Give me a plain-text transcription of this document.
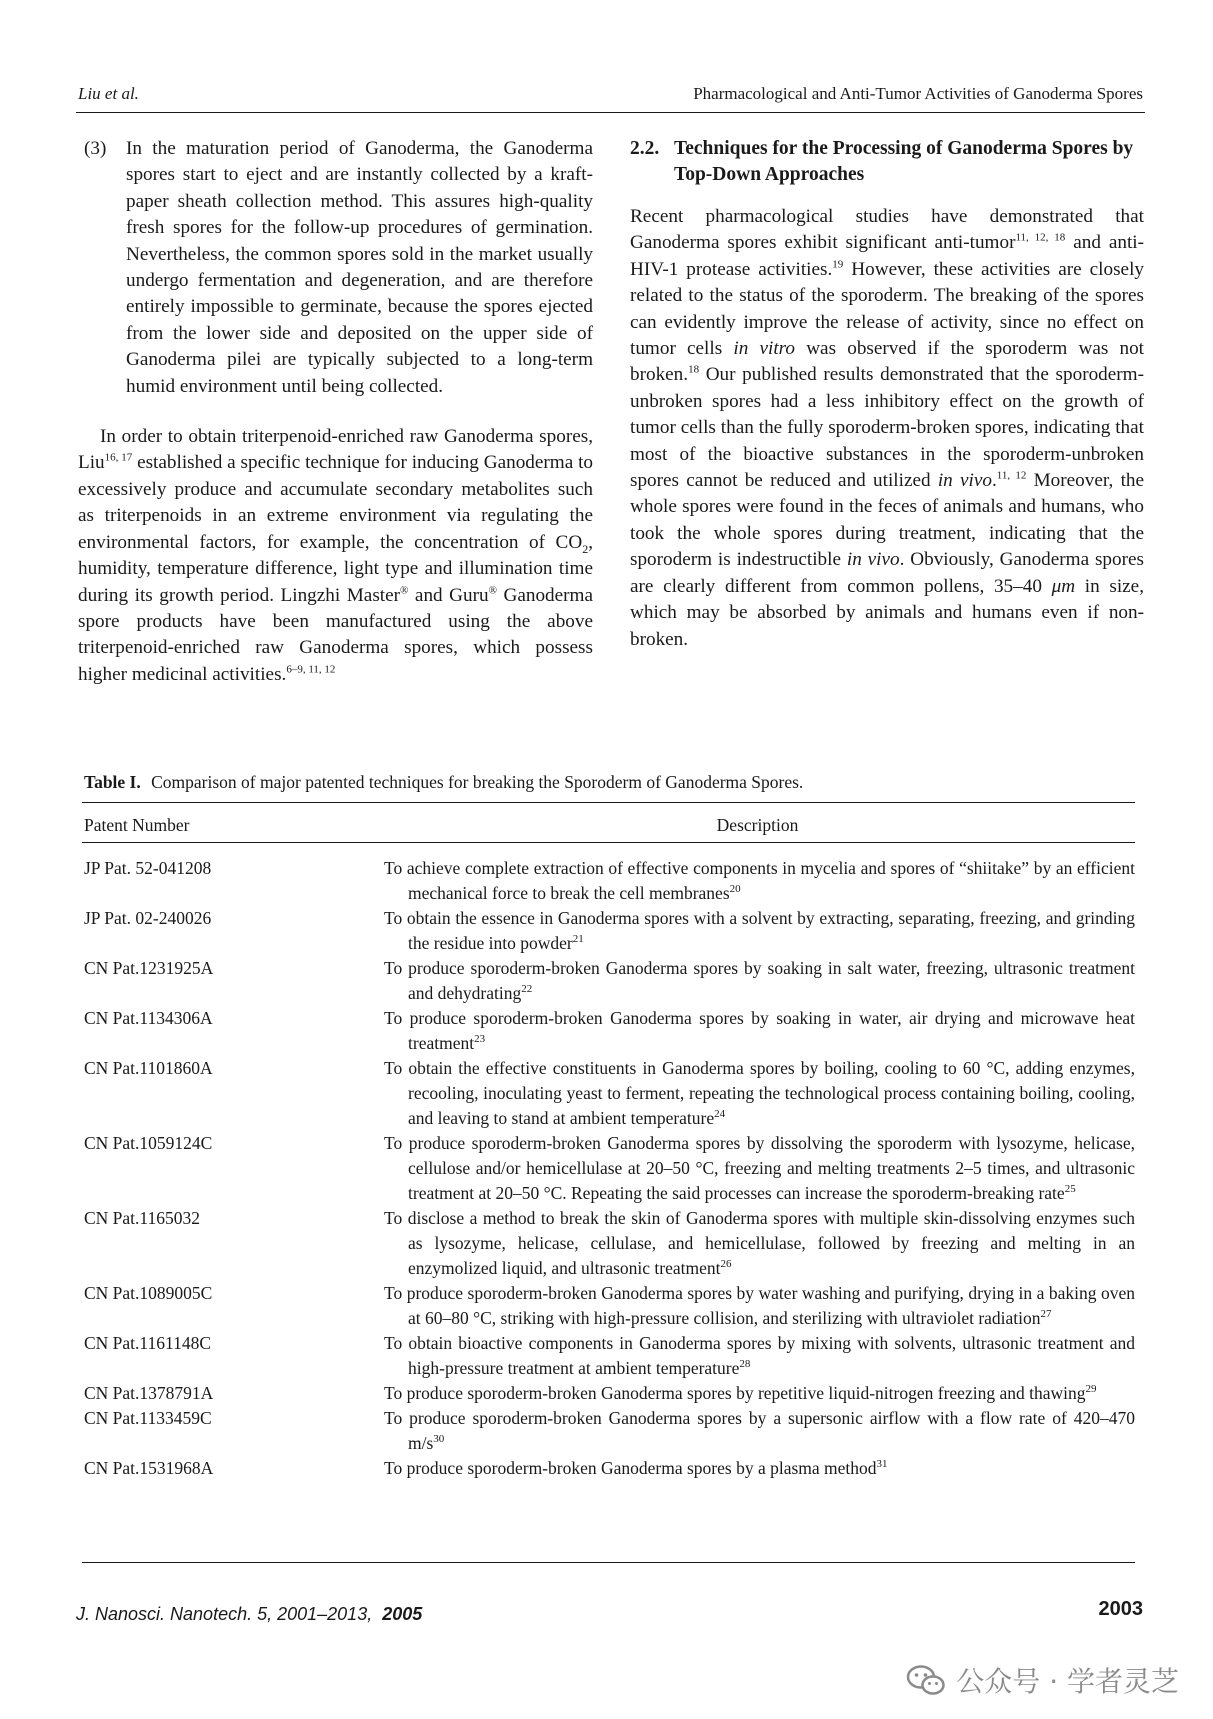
Liu et al.	Pharmacological and Anti-Tumor Activities of Ganoderma Spores
(3)	In the maturation period of Ganoderma, the Ganoderma spores start to eject and are instantly collected by a kraft-paper sheath collection method. This assures high-quality fresh spores for the follow-up procedures of germination. Nevertheless, the common spores sold in the market usually undergo fermentation and degeneration, and are therefore entirely impossible to germinate, because the spores ejected from the lower side and deposited on the upper side of Ganoderma pilei are typically subjected to a long-term humid environment until being collected.

In order to obtain triterpenoid-enriched raw Ganoderma spores, Liu$^{16, 17}$ established a specific technique for inducing Ganoderma to excessively produce and accumulate secondary metabolites such as triterpenoids in an extreme environment via regulating the environmental factors, for example, the concentration of $CO_2$, humidity, temperature difference, light type and illumination time during its growth period. Lingzhi Master® and Guru® Ganoderma spore products have been manufactured using the above triterpenoid-enriched raw Ganoderma spores, which possess higher medicinal activities.$^{6-9, 11, 12}$

2.2. Techniques for the Processing of Ganoderma Spores by Top-Down Approaches

Recent pharmacological studies have demonstrated that Ganoderma spores exhibit significant anti-tumor$^{11, 12, 18}$ and anti-HIV-1 protease activities.$^{19}$ However, these activities are closely related to the status of the sporoderm. The breaking of the spores can evidently improve the release of activity, since no effect on tumor cells in vitro was observed if the sporoderm was not broken.$^{18}$ Our published results demonstrated that the sporoderm-unbroken spores had a less inhibitory effect on the growth of tumor cells than the fully sporoderm-broken spores, indicating that most of the bioactive substances in the sporoderm-unbroken spores cannot be reduced and utilized in vivo.$^{11, 12}$ Moreover, the whole spores were found in the feces of animals and humans, who took the whole spores during treatment, indicating that the sporoderm is indestructible in vivo. Obviously, Ganoderma spores are clearly different from common pollens, 35–40 μm in size, which may be absorbed by animals and humans even if non-broken.

Table I. Comparison of major patented techniques for breaking the Sporoderm of Ganoderma Spores.
Patent Number	Description
JP Pat. 52-041208	To achieve complete extraction of effective components in mycelia and spores of “shiitake” by an efficient mechanical force to break the cell membranes$^{20}$
JP Pat. 02-240026	To obtain the essence in Ganoderma spores with a solvent by extracting, separating, freezing, and grinding the residue into powder$^{21}$
CN Pat.1231925A	To produce sporoderm-broken Ganoderma spores by soaking in salt water, freezing, ultrasonic treatment and dehydrating$^{22}$
CN Pat.1134306A	To produce sporoderm-broken Ganoderma spores by soaking in water, air drying and microwave heat treatment$^{23}$
CN Pat.1101860A	To obtain the effective constituents in Ganoderma spores by boiling, cooling to 60 °C, adding enzymes, recooling, inoculating yeast to ferment, repeating the technological process containing boiling, cooling, and leaving to stand at ambient temperature$^{24}$
CN Pat.1059124C	To produce sporoderm-broken Ganoderma spores by dissolving the sporoderm with lysozyme, helicase, cellulose and/or hemicellulase at 20–50 °C, freezing and melting treatments 2–5 times, and ultrasonic treatment at 20–50 °C. Repeating the said processes can increase the sporoderm-breaking rate$^{25}$
CN Pat.1165032	To disclose a method to break the skin of Ganoderma spores with multiple skin-dissolving enzymes such as lysozyme, helicase, cellulase, and hemicellulase, followed by freezing and melting in an enzymolized liquid, and ultrasonic treatment$^{26}$
CN Pat.1089005C	To produce sporoderm-broken Ganoderma spores by water washing and purifying, drying in a baking oven at 60–80 °C, striking with high-pressure collision, and sterilizing with ultraviolet radiation$^{27}$
CN Pat.1161148C	To obtain bioactive components in Ganoderma spores by mixing with solvents, ultrasonic treatment and high-pressure treatment at ambient temperature$^{28}$
CN Pat.1378791A	To produce sporoderm-broken Ganoderma spores by repetitive liquid-nitrogen freezing and thawing$^{29}$
CN Pat.1133459C	To produce sporoderm-broken Ganoderma spores by a supersonic airflow with a flow rate of 420–470 $m/s^{30}$
CN Pat.1531968A	To produce sporoderm-broken Ganoderma spores by a plasma method$^{31}$
J. Nanosci. Nanotech. 5, 2001–2013, 2005	2003
公众号 · 学者灵芝
